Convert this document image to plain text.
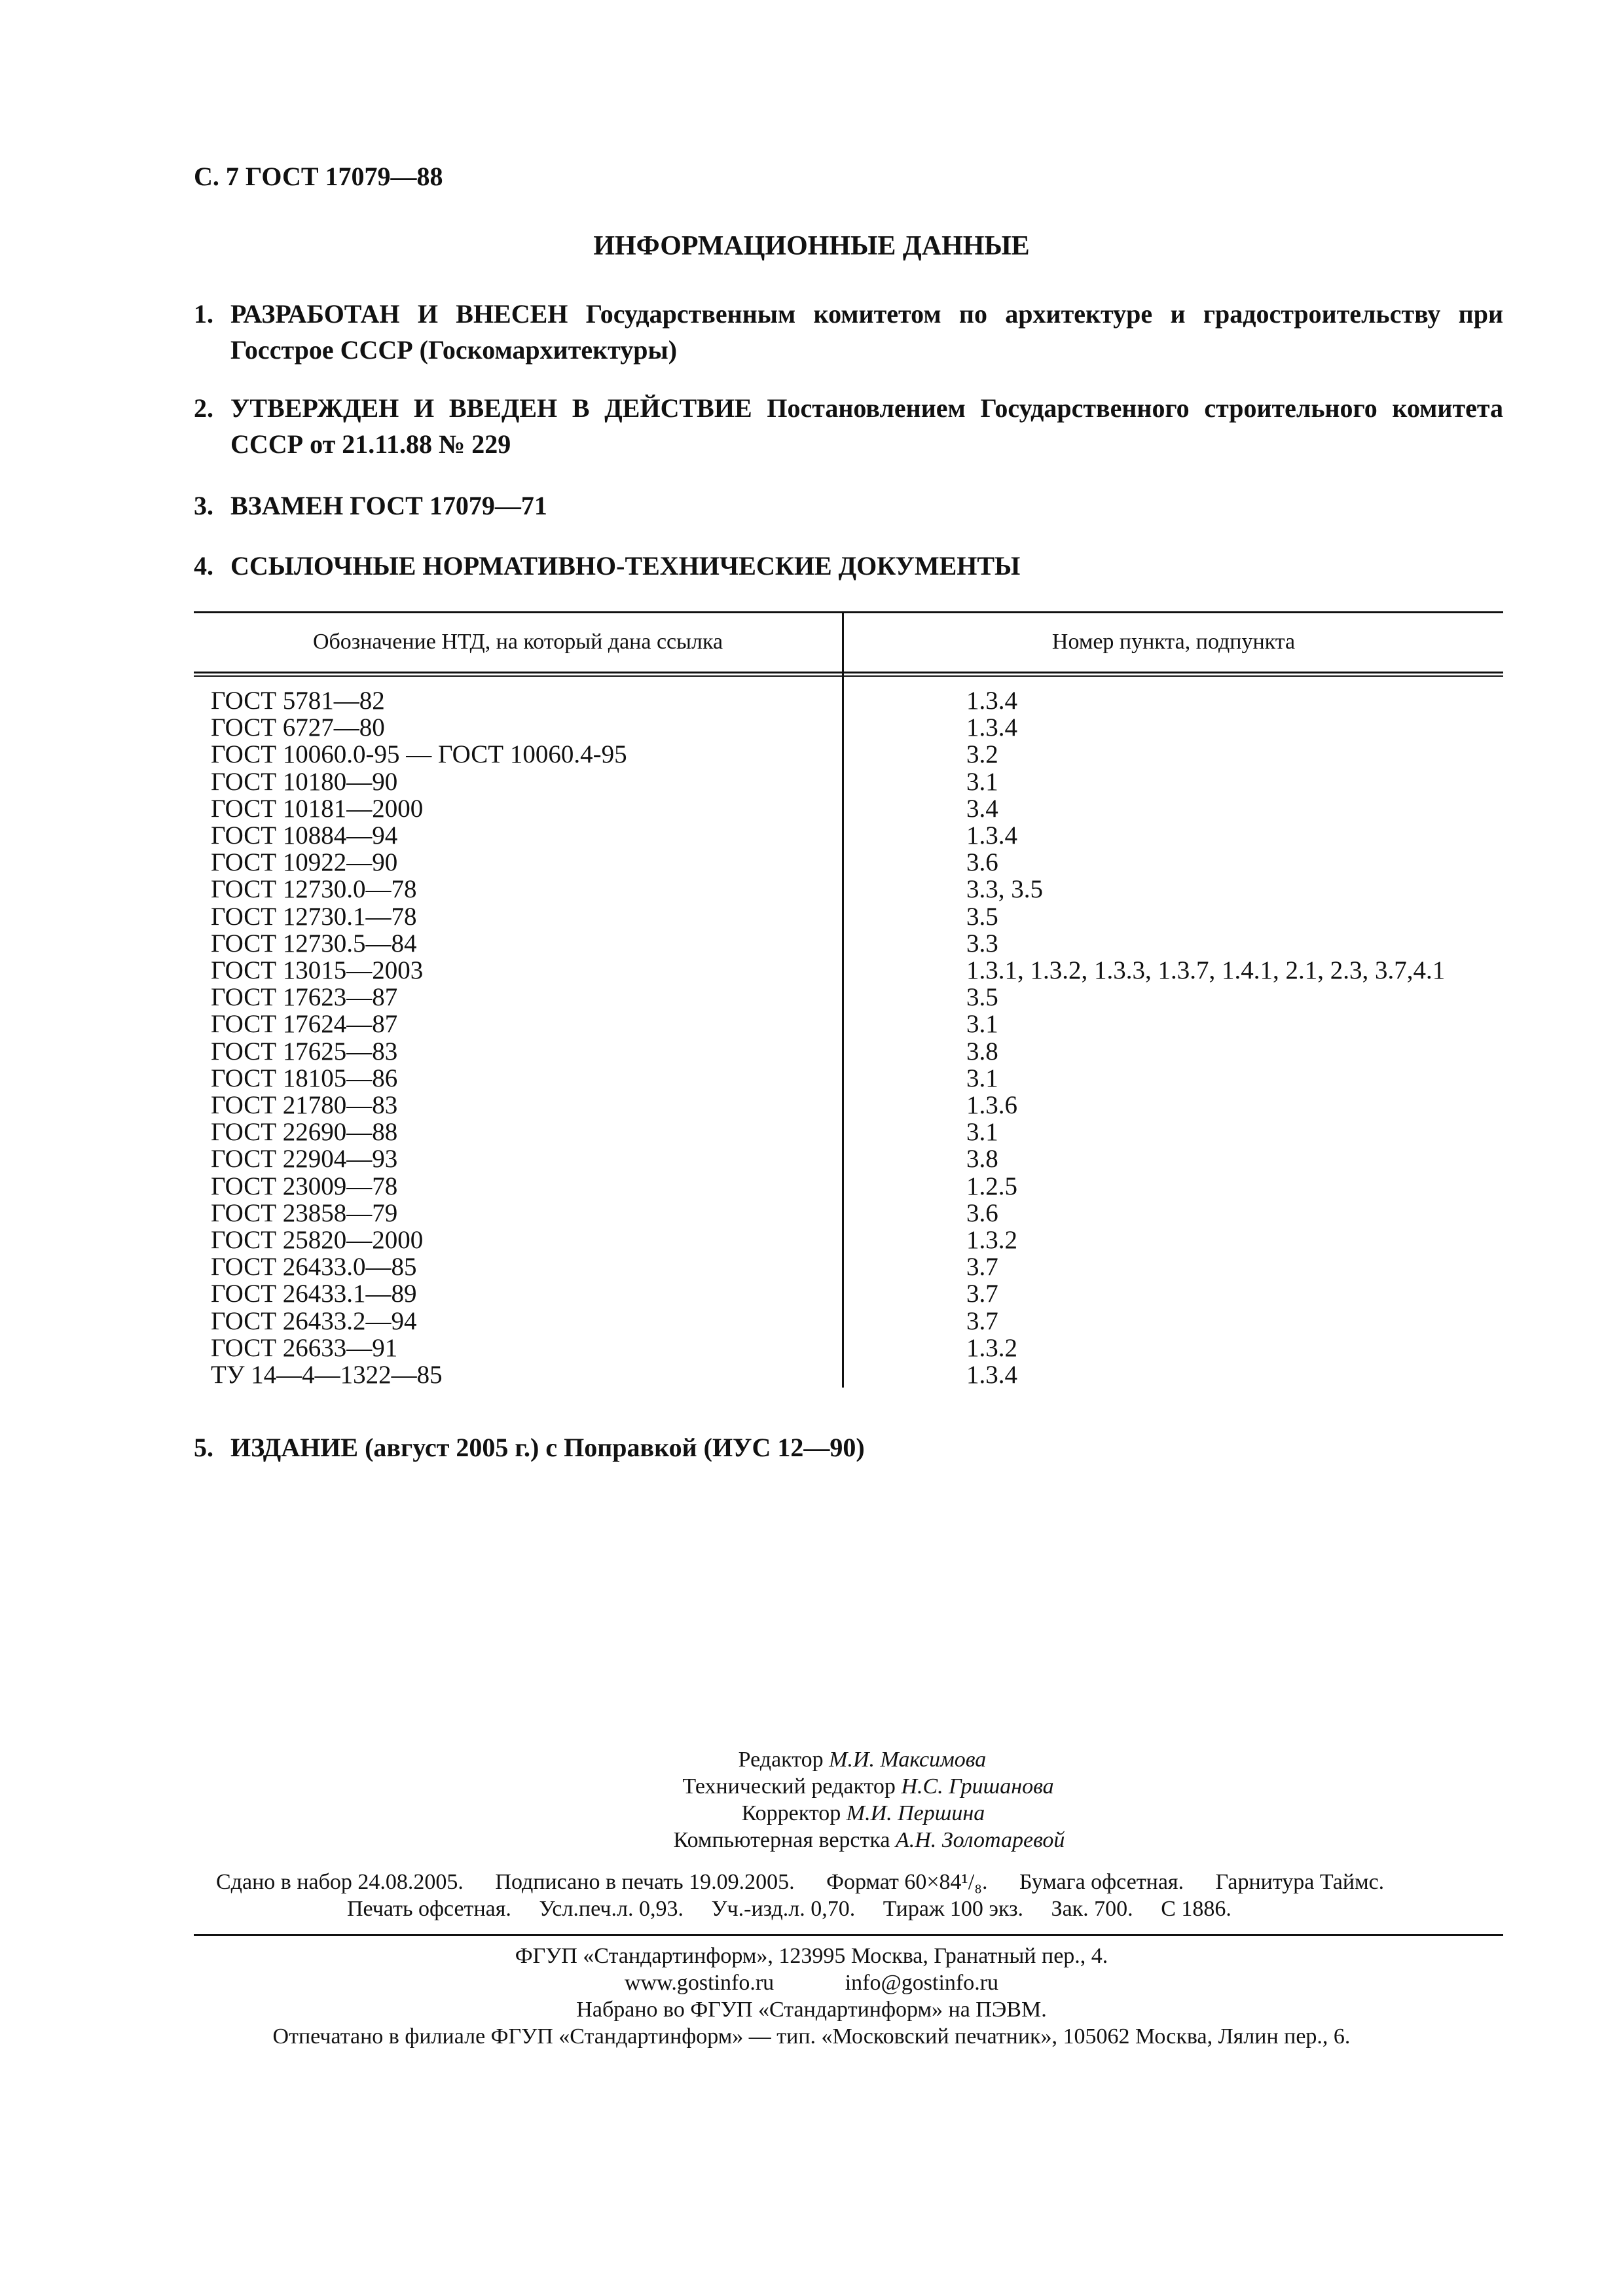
С. 7 ГОСТ 17079—88
ИНФОРМАЦИОННЫЕ ДАННЫЕ
1. РАЗРАБОТАН И ВНЕСЕН Государственным комитетом по архитектуре и градостроительству при Госстрое СССР (Госкомархитектуры)
2. УТВЕРЖДЕН И ВВЕДЕН В ДЕЙСТВИЕ Постановлением Государственного строительного комитета СССР от 21.11.88 № 229
3. ВЗАМЕН ГОСТ 17079—71
4. ССЫЛОЧНЫЕ НОРМАТИВНО-ТЕХНИЧЕСКИЕ ДОКУМЕНТЫ
Обозначение НТД, на который дана ссылка	Номер пункта, подпункта
ГОСТ 5781—82
ГОСТ 6727—80
ГОСТ 10060.0-95 — ГОСТ 10060.4-95
ГОСТ 10180—90
ГОСТ 10181—2000
ГОСТ 10884—94
ГОСТ 10922—90
ГОСТ 12730.0—78
ГОСТ 12730.1—78
ГОСТ 12730.5—84
ГОСТ 13015—2003
ГОСТ 17623—87
ГОСТ 17624—87
ГОСТ 17625—83
ГОСТ 18105—86
ГОСТ 21780—83
ГОСТ 22690—88
ГОСТ 22904—93
ГОСТ 23009—78
ГОСТ 23858—79
ГОСТ 25820—2000
ГОСТ 26433.0—85
ГОСТ 26433.1—89
ГОСТ 26433.2—94
ГОСТ 26633—91
ТУ 14—4—1322—85
1.3.4
1.3.4
3.2
3.1
3.4
1.3.4
3.6
3.3, 3.5
3.5
3.3
1.3.1, 1.3.2, 1.3.3, 1.3.7, 1.4.1, 2.1, 2.3, 3.7,4.1
3.5
3.1
3.8
3.1
1.3.6
3.1
3.8
1.2.5
3.6
1.3.2
3.7
3.7
3.7
1.3.2
1.3.4
5. ИЗДАНИЕ (август 2005 г.) с Поправкой (ИУС 12—90)
Редактор М.И. Максимова
Технический редактор Н.С. Гришанова
Корректор М.И. Першина
Компьютерная верстка А.Н. Золотаревой
Сдано в набор 24.08.2005. Подписано в печать 19.09.2005. Формат 60×84¹/₈. Бумага офсетная. Гарнитура Таймс.
Печать офсетная. Усл.печ.л. 0,93. Уч.-изд.л. 0,70. Тираж 100 экз. Зак. 700. С 1886.
ФГУП «Стандартинформ», 123995 Москва, Гранатный пер., 4.
www.gostinfo.ru	info@gostinfo.ru
Набрано во ФГУП «Стандартинформ» на ПЭВМ.
Отпечатано в филиале ФГУП «Стандартинформ» — тип. «Московский печатник», 105062 Москва, Лялин пер., 6.
